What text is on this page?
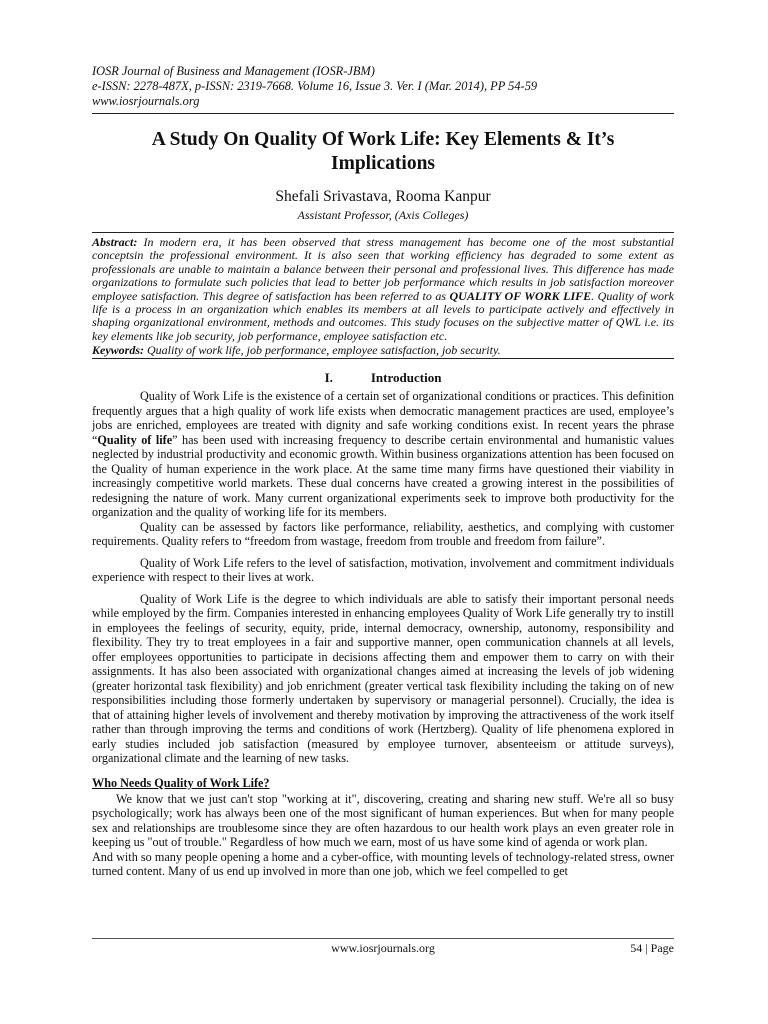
IOSR Journal of Business and Management (IOSR-JBM)
e-ISSN: 2278-487X, p-ISSN: 2319-7668. Volume 16, Issue 3. Ver. I (Mar. 2014), PP 54-59
www.iosrjournals.org
A Study On Quality Of Work Life: Key Elements & It’s
Implications
Shefali Srivastava, Rooma Kanpur
Assistant Professor, (Axis Colleges)
Abstract: In modern era, it has been observed that stress management has become one of the most substantial conceptsin the professional environment. It is also seen that working efficiency has degraded to some extent as professionals are unable to maintain a balance between their personal and professional lives. This difference has made organizations to formulate such policies that lead to better job performance which results in job satisfaction moreover employee satisfaction. This degree of satisfaction has been referred to as QUALITY OF WORK LIFE. Quality of work life is a process in an organization which enables its members at all levels to participate actively and effectively in shaping organizational environment, methods and outcomes. This study focuses on the subjective matter of QWL i.e. its key elements like job security, job performance, employee satisfaction etc.
Keywords: Quality of work life, job performance, employee satisfaction, job security.
I.	Introduction

Quality of Work Life is the existence of a certain set of organizational conditions or practices. This definition frequently argues that a high quality of work life exists when democratic management practices are used, employee’s jobs are enriched, employees are treated with dignity and safe working conditions exist. In recent years the phrase “Quality of life” has been used with increasing frequency to describe certain environmental and humanistic values neglected by industrial productivity and economic growth. Within business organizations attention has been focused on the Quality of human experience in the work place. At the same time many firms have questioned their viability in increasingly competitive world markets. These dual concerns have created a growing interest in the possibilities of redesigning the nature of work. Many current organizational experiments seek to improve both productivity for the organization and the quality of working life for its members.

Quality can be assessed by factors like performance, reliability, aesthetics, and complying with customer requirements. Quality refers to “freedom from wastage, freedom from trouble and freedom from failure”.

Quality of Work Life refers to the level of satisfaction, motivation, involvement and commitment individuals experience with respect to their lives at work.

Quality of Work Life is the degree to which individuals are able to satisfy their important personal needs while employed by the firm. Companies interested in enhancing employees Quality of Work Life generally try to instill in employees the feelings of security, equity, pride, internal democracy, ownership, autonomy, responsibility and flexibility. They try to treat employees in a fair and supportive manner, open communication channels at all levels, offer employees opportunities to participate in decisions affecting them and empower them to carry on with their assignments. It has also been associated with organizational changes aimed at increasing the levels of job widening (greater horizontal task flexibility) and job enrichment (greater vertical task flexibility including the taking on of new responsibilities including those formerly undertaken by supervisory or managerial personnel). Crucially, the idea is that of attaining higher levels of involvement and thereby motivation by improving the attractiveness of the work itself rather than through improving the terms and conditions of work (Hertzberg). Quality of life phenomena explored in early studies included job satisfaction (measured by employee turnover, absenteeism or attitude surveys), organizational climate and the learning of new tasks.

Who Needs Quality of Work Life?

We know that we just can't stop "working at it", discovering, creating and sharing new stuff. We're all so busy psychologically; work has always been one of the most significant of human experiences. But when for many people sex and relationships are troublesome since they are often hazardous to our health work plays an even greater role in keeping us "out of trouble." Regardless of how much we earn, most of us have some kind of agenda or work plan.

And with so many people opening a home and a cyber-office, with mounting levels of technology-related stress, owner turned content. Many of us end up involved in more than one job, which we feel compelled to get

www.iosrjournals.org	54 | Page
